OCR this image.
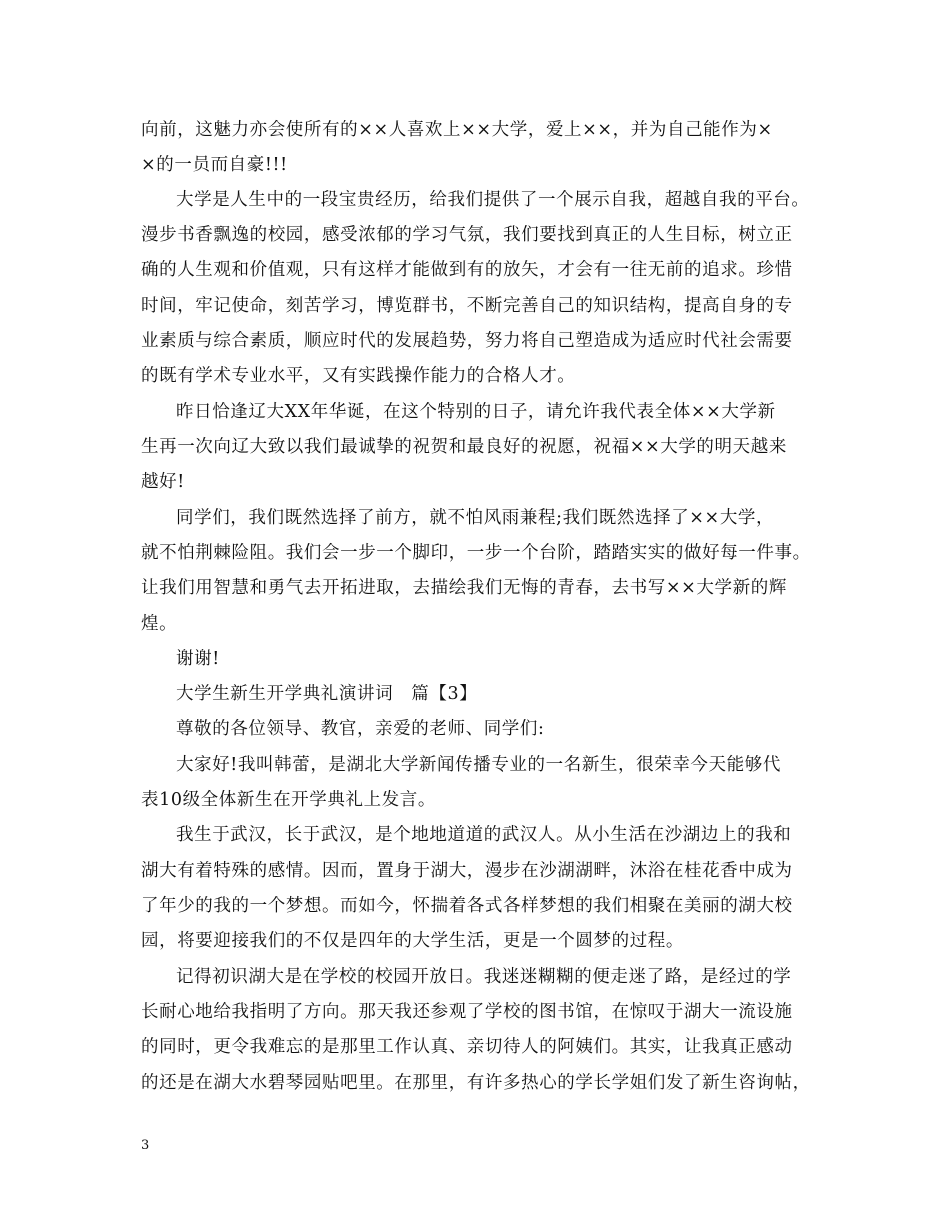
向前，这魅力亦会使所有的××人喜欢上××大学，爱上××，并为自己能作为×
×的一员而自豪!!!
大学是人生中的一段宝贵经历，给我们提供了一个展示自我，超越自我的平台。
漫步书香飘逸的校园，感受浓郁的学习气氛，我们要找到真正的人生目标，树立正
确的人生观和价值观，只有这样才能做到有的放矢，才会有一往无前的追求。珍惜
时间，牢记使命，刻苦学习，博览群书，不断完善自己的知识结构，提高自身的专
业素质与综合素质，顺应时代的发展趋势，努力将自己塑造成为适应时代社会需要
的既有学术专业水平，又有实践操作能力的合格人才。
昨日恰逢辽大XX年华诞，在这个特别的日子，请允许我代表全体××大学新
生再一次向辽大致以我们最诚挚的祝贺和最良好的祝愿，祝福××大学的明天越来
越好!
同学们，我们既然选择了前方，就不怕风雨兼程;我们既然选择了××大学，
就不怕荆棘险阻。我们会一步一个脚印，一步一个台阶，踏踏实实的做好每一件事。
让我们用智慧和勇气去开拓进取，去描绘我们无悔的青春，去书写××大学新的辉
煌。
谢谢!
大学生新生开学典礼演讲词　篇【3】
尊敬的各位领导、教官，亲爱的老师、同学们:
大家好!我叫韩蕾，是湖北大学新闻传播专业的一名新生，很荣幸今天能够代
表10级全体新生在开学典礼上发言。
我生于武汉，长于武汉，是个地地道道的武汉人。从小生活在沙湖边上的我和
湖大有着特殊的感情。因而，置身于湖大，漫步在沙湖湖畔，沐浴在桂花香中成为
了年少的我的一个梦想。而如今，怀揣着各式各样梦想的我们相聚在美丽的湖大校
园，将要迎接我们的不仅是四年的大学生活，更是一个圆梦的过程。
记得初识湖大是在学校的校园开放日。我迷迷糊糊的便走迷了路，是经过的学
长耐心地给我指明了方向。那天我还参观了学校的图书馆，在惊叹于湖大一流设施
的同时，更令我难忘的是那里工作认真、亲切待人的阿姨们。其实，让我真正感动
的还是在湖大水碧琴园贴吧里。在那里，有许多热心的学长学姐们发了新生咨询帖，
3
